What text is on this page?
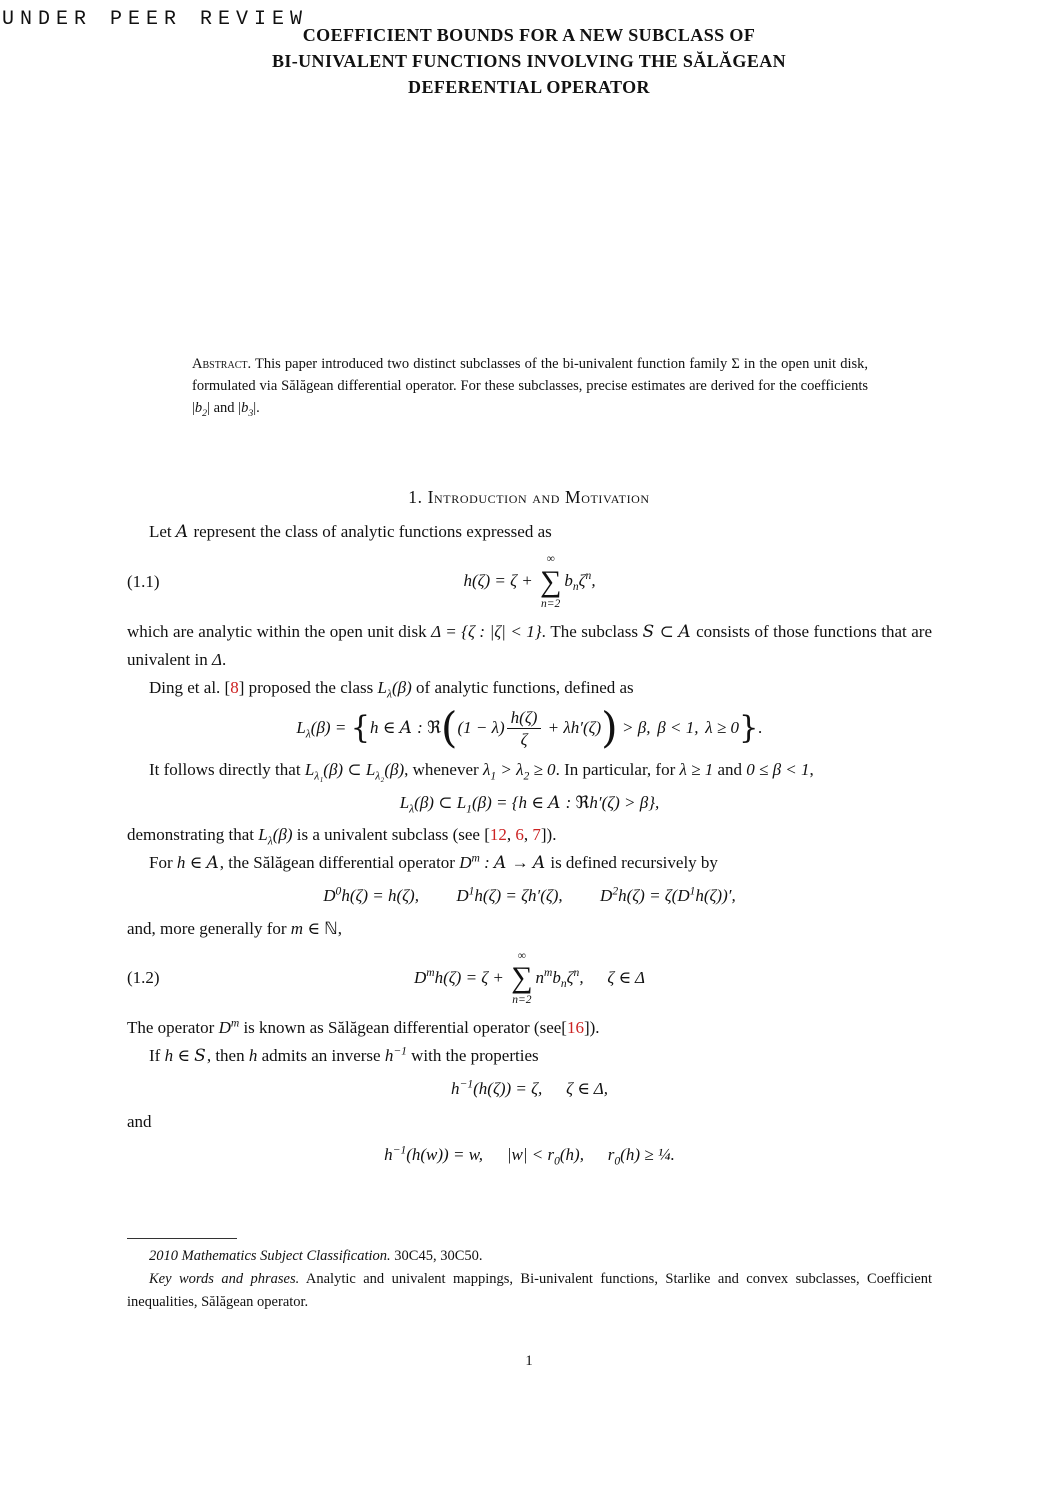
UNDER PEER REVIEW
COEFFICIENT BOUNDS FOR A NEW SUBCLASS OF
BI-UNIVALENT FUNCTIONS INVOLVING THE SĂLĂGEAN
DEFERENTIAL OPERATOR
Abstract. This paper introduced two distinct subclasses of the bi-univalent function family Σ in the open unit disk, formulated via Sălăgean differential operator. For these subclasses, precise estimates are derived for the coefficients $|b_2|$ and $|b_3|$.
1. Introduction and Motivation

Let A represent the class of analytic functions expressed as

(1.1)	h(ζ) = ζ +
∞
∑
n=2
$b_n\zeta^n$,

which are analytic within the open unit disk Δ = {ζ : |ζ| < 1}. The subclass S ⊂ A consists of those functions that are univalent in Δ.

Ding et al. [8] proposed the class $L_\lambda(\beta)$ of analytic functions, defined as

$L_\lambda(\beta) = \{h$ ∈ A : ℜ((1 − $\lambda) \frac{h(\zeta)}{\zeta} + \lambda h'(\zeta)) > \beta$, β < 1, λ ≥ 0}.

It follows directly that $L_{\lambda_1}(\beta)$ ⊂ $L_{\lambda_2}(\beta)$, whenever $\lambda_1 > \lambda_2 \ge 0$. In particular, for λ ≥ 1 and 0 ≤ β < 1,

$L_\lambda(\beta)$ ⊂ $L_1(\beta) = \{h$ ∈ A : ℜh′(ζ) > β},

demonstrating that $L_\lambda(\beta)$ is a univalent subclass (see [12, 6, 7]).

For h ∈ A, the Sălăgean differential operator $D^m$ : A → A is defined recursively by

$D^0h(\zeta) = h(\zeta)$, $D^1h(\zeta) = \zeta h'(\zeta)$, $D^2h(\zeta) = \zeta(D^1h(\zeta))'$,

and, more generally for m ∈ ℕ,

(1.2)	$D^mh(\zeta) = \zeta$ +
∞
∑
n=2
$n^mb_n\zeta^n$, ζ ∈ Δ

The operator $D^m$ is known as Sălăgean differential operator (see[16]).

If h ∈ S, then h admits an inverse $h^{-1}$ with the properties

$h^{-1}(h(\zeta)) = \zeta$, ζ ∈ Δ,

and

$h^{-1}(h(w)) = w$, $|w| < r_0(h)$, $r_0(h)$ ≥ ¼.

2010 Mathematics Subject Classification. 30C45, 30C50.

Key words and phrases. Analytic and univalent mappings, Bi-univalent functions, Starlike and convex subclasses, Coefficient inequalities, Sălăgean operator.

1
